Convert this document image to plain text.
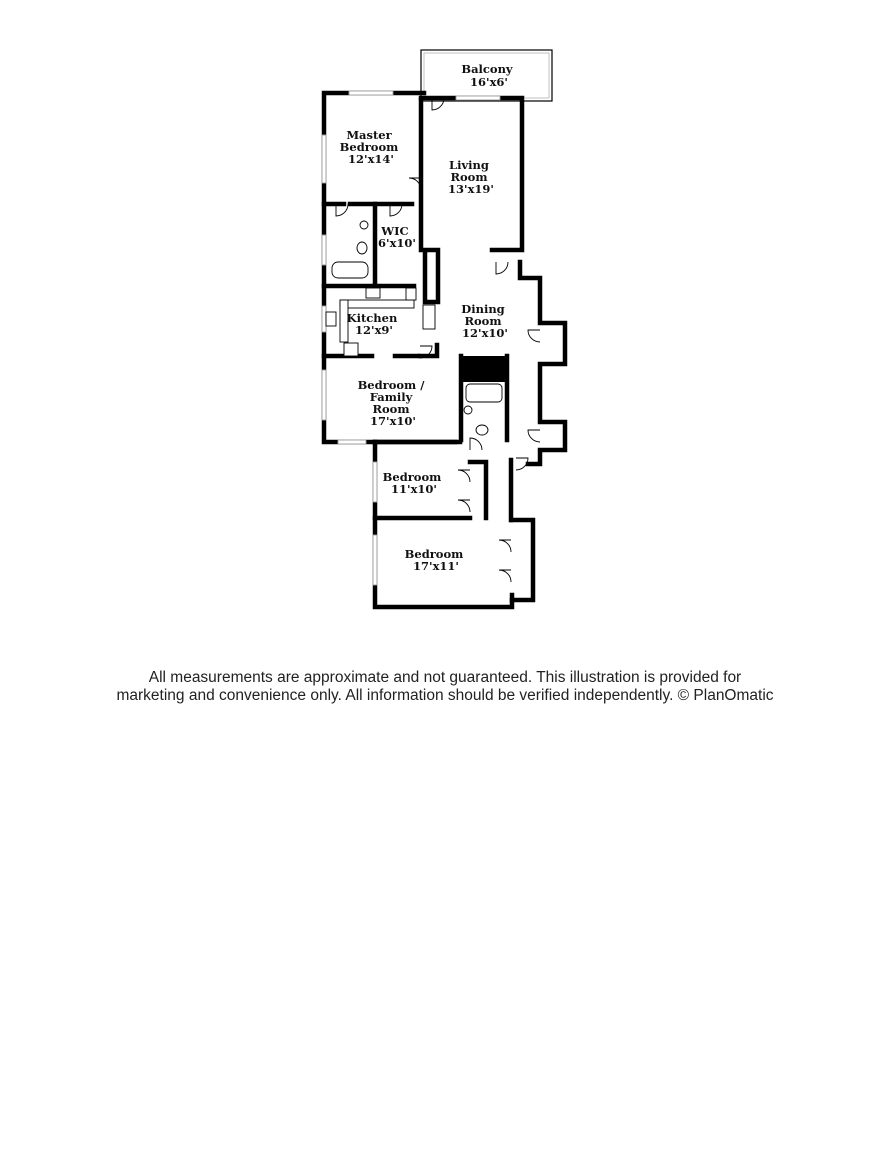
Balcony 16'x6'
Master Bedroom 12'x14'	Living Room 13'x19'
WIC 6'x10'
Dining Room 12'x10'
Kitchen 12'x9'
Bedroom / Family Room 17'x10'
Bedroom 11'x10'
Bedroom 17'x11'
All measurements are approximate and not guaranteed. This illustration is provided for
marketing and convenience only. All information should be verified independently. © PlanOmatic
